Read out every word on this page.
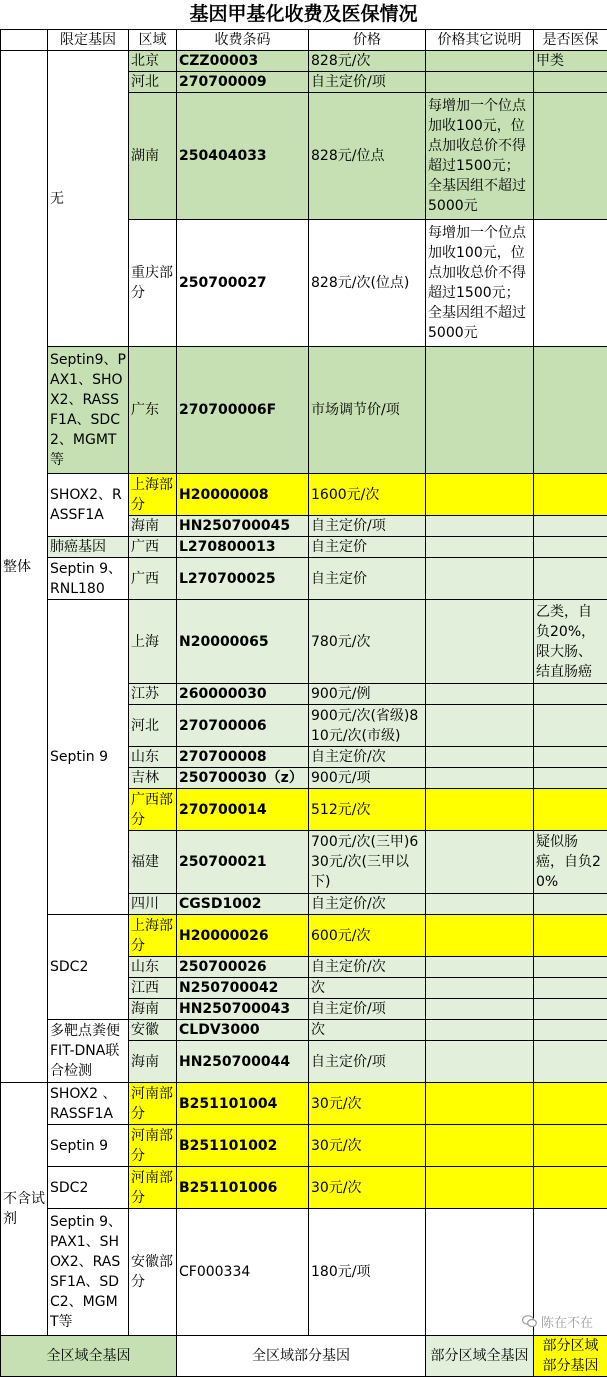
基因甲基化收费及医保情况
	限定基因	区域	收费条码	价格	价格其它说明	是否医保
整体	无	北京	CZZ00003	828元/次		甲类
		河北	270700009	自主定价/项		
		湖南	250404033	828元/位点	每增加一个位点加收100元，位点加收总价不得超过1500元；全基因组不超过5000元	
		重庆部分	250700027	828元/次(位点)	每增加一个位点加收100元，位点加收总价不得超过1500元；全基因组不超过5000元	
	Septin9、PAX1、SHOX2、RASSF1A、SDC2、MGMT等	广东	270700006F	市场调节价/项		
	SHOX2、RASSF1A	上海部分	H20000008	1600元/次		
		海南	HN250700045	自主定价/项		
	肺癌基因	广西	L270800013	自主定价		
	Septin 9、RNL180	广西	L270700025	自主定价		
	Septin 9	上海	N20000065	780元/次		乙类，自负20%，限大肠、结直肠癌
		江苏	260000030	900元/例		
		河北	270700006	900元/次(省级)810元/次(市级)		
		山东	270700008	自主定价/次		
		吉林	250700030（z）	900元/项		
		广西部分	270700014	512元/次		
		福建	250700021	700元/次(三甲)630元/次(三甲以下)		疑似肠癌，自负20%
		四川	CGSD1002	自主定价/次		
	SDC2	上海部分	H20000026	600元/次		
		山东	250700026	自主定价/次		
		江西	N250700042	次		
		海南	HN250700043	自主定价/项		
	多靶点粪便FIT-DNA联合检测	安徽	CLDV3000	次		
		海南	HN250700044	自主定价/项		
不含试剂	SHOX2 、RASSF1A	河南部分	B251101004	30元/次		
	Septin 9	河南部分	B251101002	30元/次		
	SDC2	河南部分	B251101006	30元/次		
	Septin 9、PAX1、SHOX2、RASSF1A、SDC2、MGMT等	安徽部分	CF000334	180元/项		
全区域全基因			全区域部分基因		部分区域全基因	部分区域部分基因
陈在不在
